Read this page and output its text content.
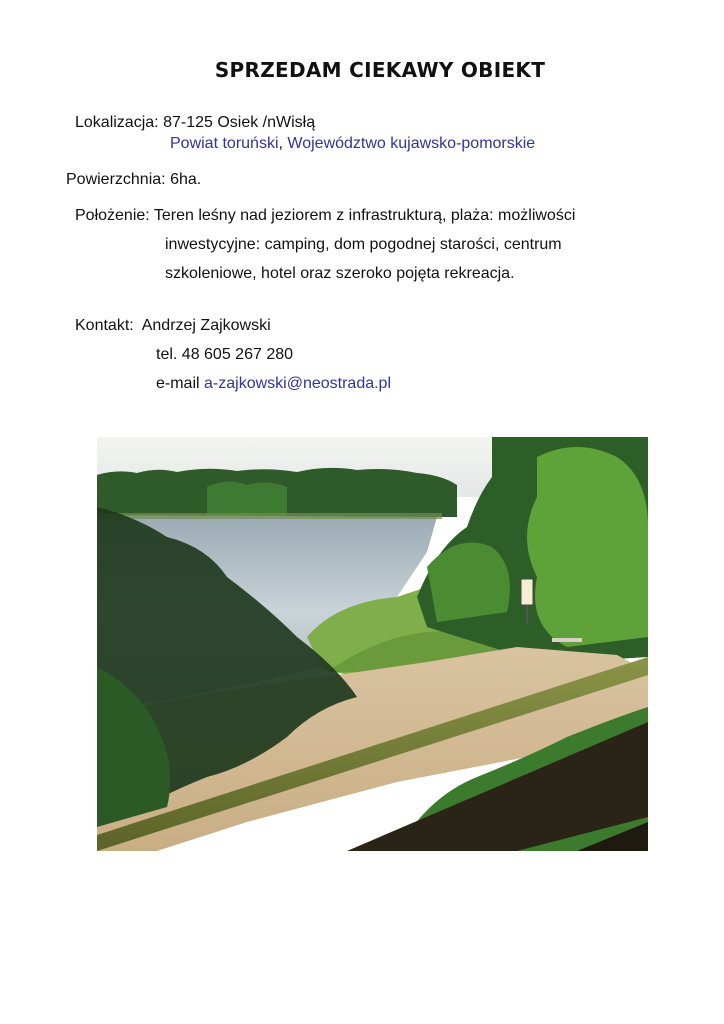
SPRZEDAM CIEKAWY OBIEKT
Lokalizacja: 87-125 Osiek /nWisłą
Powiat toruński, Województwo kujawsko-pomorskie
Powierzchnia: 6ha.
Położenie: Teren leśny nad jeziorem z infrastrukturą, plaża: możliwości
inwestycyjne: camping, dom pogodnej starości, centrum
szkoleniowe, hotel oraz szeroko pojęta rekreacja.
Kontakt: Andrzej Zajkowski
tel. 48 605 267 280
e-mail a-zajkowski@neostrada.pl
